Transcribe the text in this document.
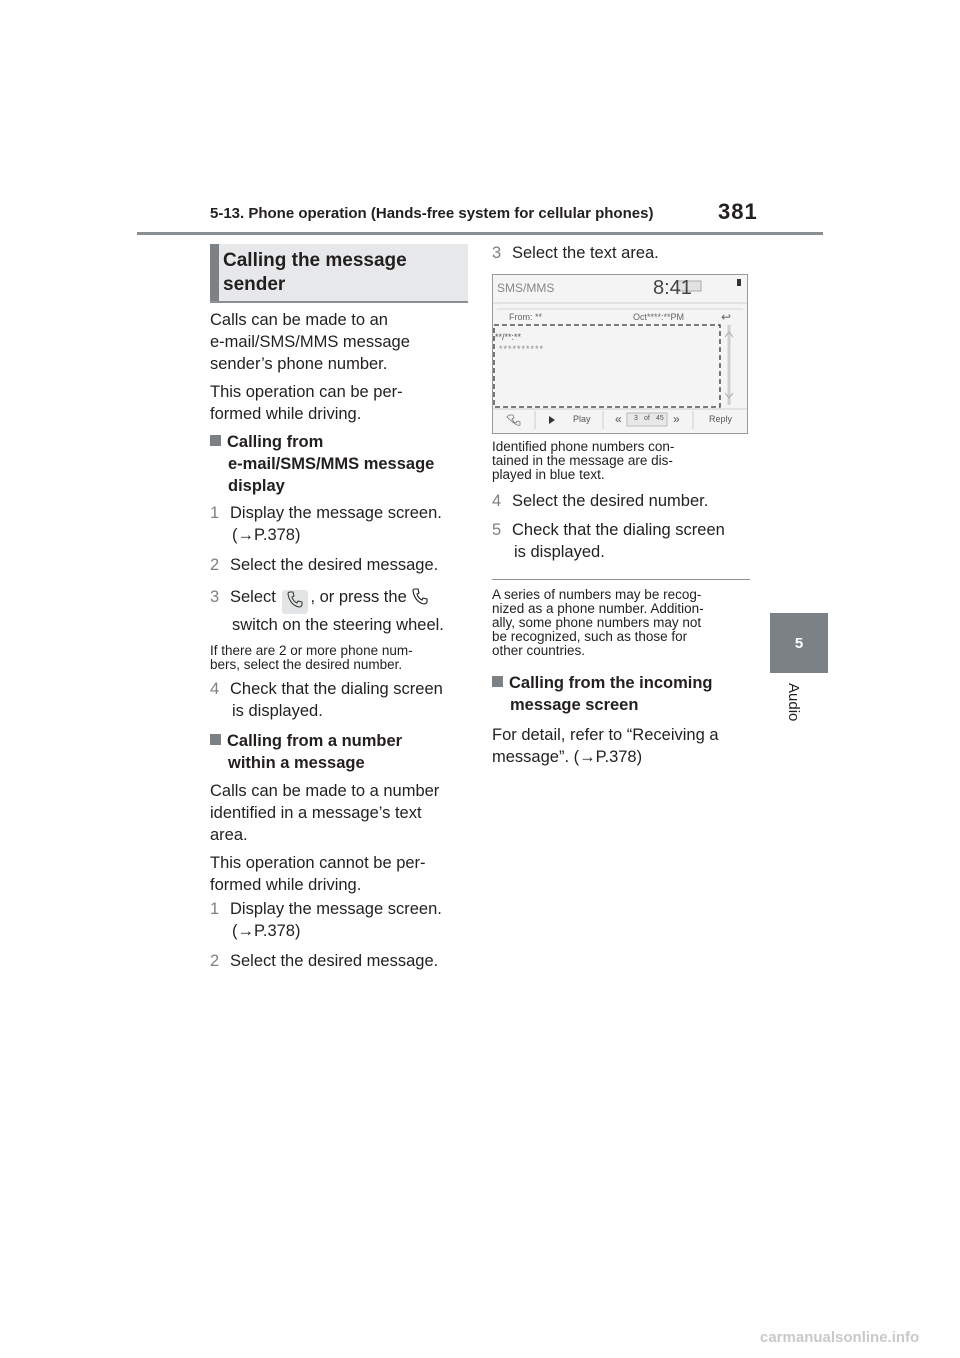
5-13. Phone operation (Hands-free system for cellular phones)	381
5
Audio
Calling the message
sender

Calls can be made to an
e-mail/SMS/MMS message
sender’s phone number.

This operation can be per-
formed while driving.

Calling from
e-mail/SMS/MMS message
display

1 Display the message screen.
(→P.378)

2 Select the desired message.

3 Select , or press the
switch on the steering wheel.

If there are 2 or more phone num-
bers, select the desired number.

4 Check that the dialing screen
is displayed.

Calling from a number
within a message

Calls can be made to a number
identified in a message’s text
area.

This operation cannot be per-
formed while driving.

1 Display the message screen.
(→P.378)

2 Select the desired message.

3 Select the text area.

SMS/MMS	8:41
From: **	Oct****:**PM	↩
**/**:**
**********
Play « 3 of 45 »	Reply

Identified phone numbers con-
tained in the message are dis-
played in blue text.

4 Select the desired number.

5 Check that the dialing screen
is displayed.

A series of numbers may be recog-
nized as a phone number. Addition-
ally, some phone numbers may not
be recognized, such as those for
other countries.

Calling from the incoming
message screen

For detail, refer to “Receiving a
message”. (→P.378)

carmanualsonline.info
